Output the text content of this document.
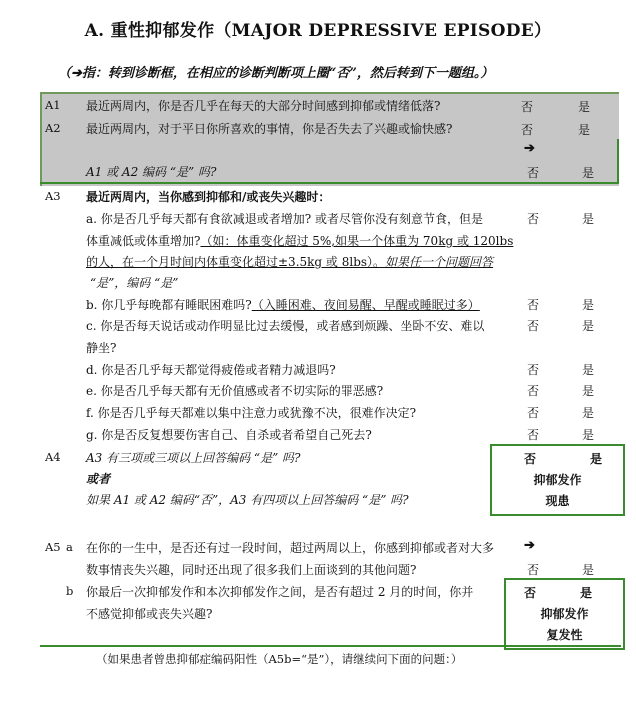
A. 重性抑郁发作（MAJOR DEPRESSIVE EPISODE）
（➔指：转到诊断框，在相应的诊断判断项上圈“否”，然后转到下一题组。）
A1 最近两周内，你是否几乎在每天的大部分时间感到抑郁或情绪低落?	否	是
A2 最近两周内，对于平日你所喜欢的事情，你是否失去了兴趣或愉快感?	否	是
➔
A1 或 A2 编码 “是” 吗?	否	是
A3 最近两周内，当你感到抑郁和/或丧失兴趣时：
a. 你是否几乎每天都有食欲减退或者增加? 或者尽管你没有刻意节食，但是	否	是
体重减低或体重增加?（如：体重变化超过 5%,如果一个体重为 70kg 或 120lbs
的人，在一个月时间内体重变化超过±3.5kg 或 8lbs）。如果任一个问题回答
“是”，编码 “是”
b. 你几乎每晚都有睡眠困难吗?（入睡困难、夜间易醒、早醒或睡眠过多）	否	是
c. 你是否每天说话或动作明显比过去缓慢，或者感到烦躁、坐卧不安、难以	否	是
静坐?
d. 你是否几乎每天都觉得疲倦或者精力减退吗?	否	是
e. 你是否几乎每天都有无价值感或者不切实际的罪恶感?	否	是
f. 你是否几乎每天都难以集中注意力或犹豫不决，很难作决定?	否	是
g. 你是否反复想要伤害自己、自杀或者希望自己死去?	否	是
否	是
抑郁发作
现患
A4 A3 有三项或三项以上回答编码 “是” 吗?
或者
如果 A1 或 A2 编码“否”，A3 有四项以上回答编码 “是” 吗?
A5 a 在你的一生中，是否还有过一段时间，超过两周以上，你感到抑郁或者对大多 ➔
数事情丧失兴趣，同时还出现了很多我们上面谈到的其他问题?	否	是
否	是
抑郁发作
复发性
b 你最后一次抑郁发作和本次抑郁发作之间，是否有超过 2 月的时间，你并
不感觉抑郁或丧失兴趣?
（如果患者曾患抑郁症编码阳性（A5b=“是”），请继续问下面的问题：）
